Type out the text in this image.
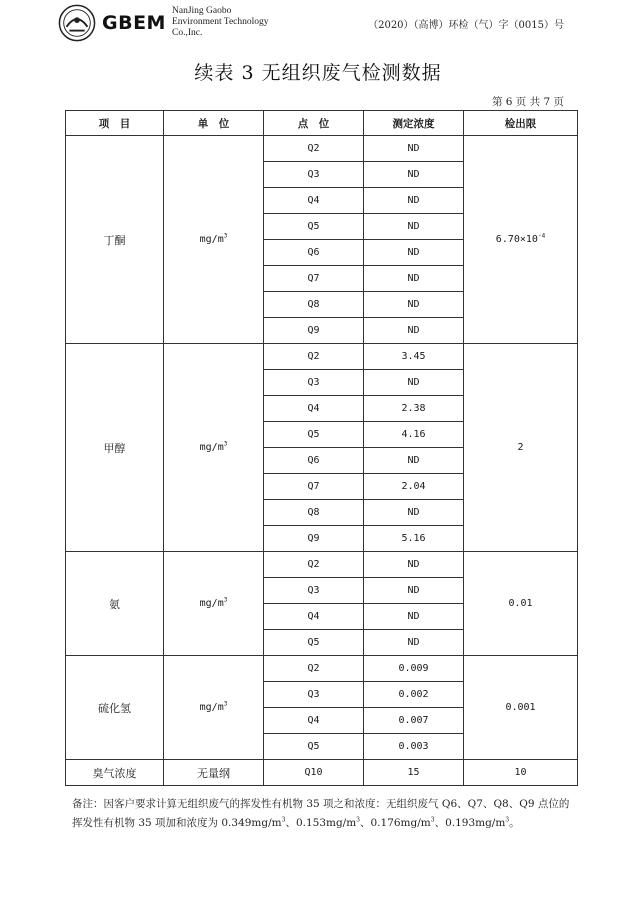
GBEM
NanJing Gaobo
Environment Technology
Co.,Inc.
（2020）（高博）环检（气）字（0015）号
续表 3 无组织废气检测数据
第 6 页 共 7 页
项　目	单　位	点　位	测定浓度	检出限
丁酮	$mg/m^3$	Q2	ND	$6.70\times 10^{-4}$
		Q3	ND	
		Q4	ND	
		Q5	ND	
		Q6	ND	
		Q7	ND	
		Q8	ND	
		Q9	ND	
甲醇	$mg/m^3$	Q2	3.45	2
		Q3	ND	
		Q4	2.38	
		Q5	4.16	
		Q6	ND	
		Q7	2.04	
		Q8	ND	
		Q9	5.16	
氨	$mg/m^3$	Q2	ND	0.01
		Q3	ND	
		Q4	ND	
		Q5	ND	
硫化氢	$mg/m^3$	Q2	0.009	0.001
		Q3	0.002	
		Q4	0.007	
		Q5	0.003	
臭气浓度	无量纲	Q10	15	10
备注：因客户要求计算无组织废气的挥发性有机物 35 项之和浓度：无组织废气 Q6、Q7、Q8、Q9 点位的挥发性有机物 35 项加和浓度为 $0.349mg/m^3$、$0.153mg/m^3$、$0.176mg/m^3$、$0.193mg/m^3$。
